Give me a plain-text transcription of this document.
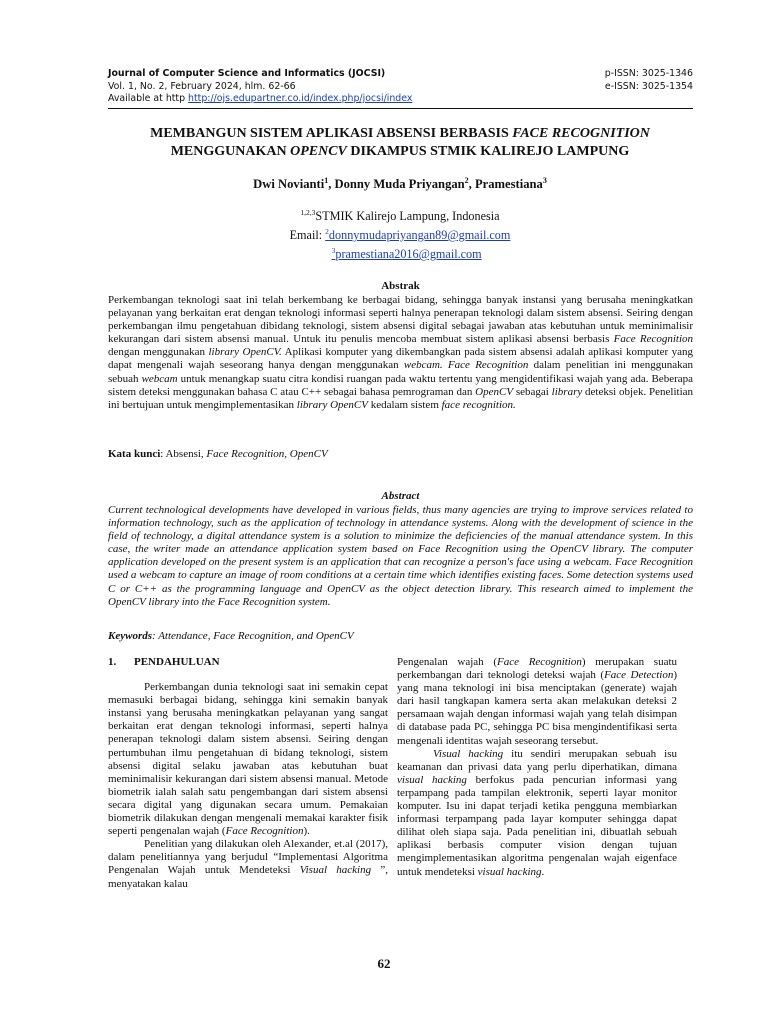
Journal of Computer Science and Informatics (JOCSI)	p-ISSN: 3025-1346
Vol. 1, No. 2, February 2024, hlm. 62-66	e-ISSN: 3025-1354
Available at http http://ojs.edupartner.co.id/index.php/jocsi/index
MEMBANGUN SISTEM APLIKASI ABSENSI BERBASIS FACE RECOGNITION
MENGGUNAKAN OPENCV DIKAMPUS STMIK KALIREJO LAMPUNG
Dwi Novianti$^1$, Donny Muda Priyangan$^2$, Pramestiana$^3$
$^{1,2,3}$STMIK Kalirejo Lampung, Indonesia
Email: $^2$donnymudapriyangan89@gmail.com
$^3$pramestiana2016@gmail.com
Abstrak
Perkembangan teknologi saat ini telah berkembang ke berbagai bidang, sehingga banyak instansi yang berusaha meningkatkan pelayanan yang berkaitan erat dengan teknologi informasi seperti halnya penerapan teknologi dalam sistem absensi. Seiring dengan perkembangan ilmu pengetahuan dibidang teknologi, sistem absensi digital sebagai jawaban atas kebutuhan untuk meminimalisir kekurangan dari sistem absensi manual. Untuk itu penulis mencoba membuat sistem aplikasi absensi berbasis Face Recognition dengan menggunakan library OpenCV. Aplikasi komputer yang dikembangkan pada sistem absensi adalah aplikasi komputer yang dapat mengenali wajah seseorang hanya dengan menggunakan webcam. Face Recognition dalam penelitian ini menggunakan sebuah webcam untuk menangkap suatu citra kondisi ruangan pada waktu tertentu yang mengidentifikasi wajah yang ada. Beberapa sistem deteksi menggunakan bahasa C atau C++ sebagai bahasa pemrograman dan OpenCV sebagai library deteksi objek. Penelitian ini bertujuan untuk mengimplementasikan library OpenCV kedalam sistem face recognition.
Kata kunci: Absensi, Face Recognition, OpenCV
Abstract
Current technological developments have developed in various fields, thus many agencies are trying to improve services related to information technology, such as the application of technology in attendance systems. Along with the development of science in the field of technology, a digital attendance system is a solution to minimize the deficiencies of the manual attendance system. In this case, the writer made an attendance application system based on Face Recognition using the OpenCV library. The computer application developed on the present system is an application that can recognize a person's face using a webcam. Face Recognition used a webcam to capture an image of room conditions at a certain time which identifies existing faces. Some detection systems used C or C++ as the programming language and OpenCV as the object detection library. This research aimed to implement the OpenCV library into the Face Recognition system.
Keywords: Attendance, Face Recognition, and OpenCV
1. PENDAHULUAN

Perkembangan dunia teknologi saat ini semakin cepat memasuki berbagai bidang, sehingga kini semakin banyak instansi yang berusaha meningkatkan pelayanan yang sangat berkaitan erat dengan teknologi informasi, seperti halnya penerapan teknologi dalam sistem absensi. Seiring dengan pertumbuhan ilmu pengetahuan di bidang teknologi, sistem absensi digital selaku jawaban atas kebutuhan buat meminimalisir kekurangan dari sistem absensi manual. Metode biometrik ialah salah satu pengembangan dari sistem absensi secara digital yang digunakan secara umum. Pemakaian biometrik dilakukan dengan mengenali memakai karakter fisik seperti pengenalan wajah (Face Recognition).

Penelitian yang dilakukan oleh Alexander, et.al (2017), dalam penelitiannya yang berjudul “Implementasi Algoritma Pengenalan Wajah untuk Mendeteksi Visual hacking ”, menyatakan kalau

Pengenalan wajah (Face Recognition) merupakan suatu perkembangan dari teknologi deteksi wajah (Face Detection) yang mana teknologi ini bisa menciptakan (generate) wajah dari hasil tangkapan kamera serta akan melakukan deteksi 2 persamaan wajah dengan informasi wajah yang telah disimpan di database pada PC, sehingga PC bisa mengindentifikasi serta mengenali identitas wajah seseorang tersebut.

Visual hacking itu sendiri merupakan sebuah isu keamanan dan privasi data yang perlu diperhatikan, dimana visual hacking berfokus pada pencurian informasi yang terpampang pada tampilan elektronik, seperti layar monitor komputer. Isu ini dapat terjadi ketika pengguna membiarkan informasi terpampang pada layar komputer sehingga dapat dilihat oleh siapa saja. Pada penelitian ini, dibuatlah sebuah aplikasi berbasis computer vision dengan tujuan mengimplementasikan algoritma pengenalan wajah eigenface untuk mendeteksi visual hacking.

62
